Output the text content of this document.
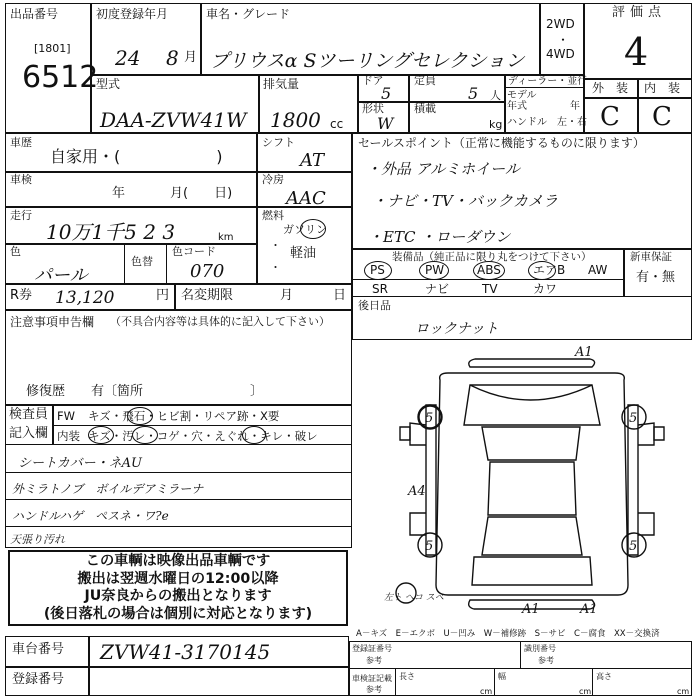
出品番号
[1801]
6512
初度登録年月
24 8 月
車名・グレード
プリウスα Sツーリングセレクション
2WD
・
4WD
評価点
4
型式
DAA-ZVW41W
排気量
1800 cc
ドア
5
定員
5 人
形状
W
積載
kg
ディーラー・並行
モデル
年式	年
ハンドル　左・右
外　装 内　装
C C
車歴
自家用・(　　　　　　)
車検
年	月(　　日)
走行
10万1千5 2 3	km
色
パール
色替
色コード
070
シフト
AT
冷房
AAC
燃料
ガソリン
・
軽油
・
R券 13,120	円 名変期限	月	日
注意事項申告欄 （不具合内容等は具体的に記入して下さい）
修復歴　　有〔箇所	〕
検査員
記入欄
FW キズ・飛石・ヒビ割・リペア跡・X要
内装 キズ・汚レ・コゲ・穴・えぐれ・キレ・破レ
シートカバー・ネAU
外ミラトノブ　ボイルデアミラーナ
ハンドルハゲ　ペスネ・ワ?e
天張り汚れ
この車輌は映像出品車輌です
搬出は翌週水曜日の12:00以降
JU奈良からの搬出となります
(後日落札の場合は個別に対応となります)
セールスポイント（正常に機能するものに限ります）
・外品 アルミホイール
・ナビ・TV・バックカメラ
・ETC ・ローダウン
装備品（純正品に限り丸をつけて下さい）
PS	PW	ABS	エアB AW
SR	ナビ	TV	カワ
新車保証
有・無
後日品
ロックナット
A1
5	5
A4
5	5
A1	A1
左ト ヘコ スベ
A－キズ　E－エクボ　U－凹み　W－補修跡　S－サビ　C－腐食　XX－交換済
車台番号 ZVW41-3170145
登録番号
登録証番号
参考
識別番号
参考
車検証記載
参考
長さ
cm
幅
cm
高さ
cm
